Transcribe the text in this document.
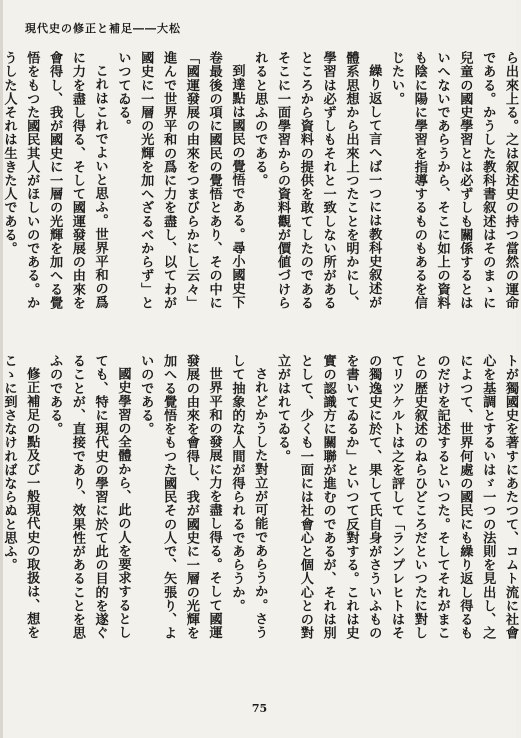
現代史の修正と補足――大松

ら出來上る。之は叙述史の持つ當然の運命である。かうした教科書叙述はそのまゝに兒童の國史學習とは必ずしも關係するとはいへないであらうから、そこに如上の資料も陰に陽に學習を指導するものもあるを信じたい。

繰り返して言へば一つには教科史叙述が體系思想から出來上つたことを明かにし、學習は必ずしもそれと一致しない所があるところから資料の提供を敢てしたのであるそこに一面學習からの資料觀が價値づけられると思ふのである。

到達點は國民の覺悟である。尋小國史下卷最後の項に國民の覺悟とあり、その中に「國運發展の由來をつまびらかにし云々」進んで世界平和の爲に力を盡し、以てわが國史に一層の光輝を加へざるべからず」といつてゐる。

これはこれでよいと思ふ。世界平和の爲に力を盡し得る、そして國運發展の由來を會得し、我が國史に一層の光輝を加へる覺悟をもつた國民其人がほしいのである。かうした人それは生きた人である。

トが獨國史を著すにあたつて、コムト流に社會心を基調とするいはゞ一つの法則を見出し、之によつて、世界何處の國民にも繰り返し得るものだけを記述するといつた。そしてそれがまことの歴史叙述のねらひどころだといつたに對してリツケルトは之を評して「ランプレヒトはその獨逸史に於て、果して氏自身がさういふものを書いてゐるか」といつて反對する。これは史實の認識方に關聯が進むのであるが、それは別として、少くも一面には社會心と個人心との對立がはれてゐる。

されどかうした對立が可能であらうか。さうして抽象的な人間が得られるであらうか。

世界平和の發展に力を盡し得る。そして國運發展の由來を會得し、我が國史に一層の光輝を加へる覺悟をもつた國民その人で、矢張り、よいのである。

國史學習の全體から、此の人を要求するとしても、特に現代史の學習に於て此の目的を遂ぐることが、直接であり、效果性があることを思ふのである。

修正補足の點及び一般現代史の取扱は、想をこゝに到さなければならぬと思ふ。

75
